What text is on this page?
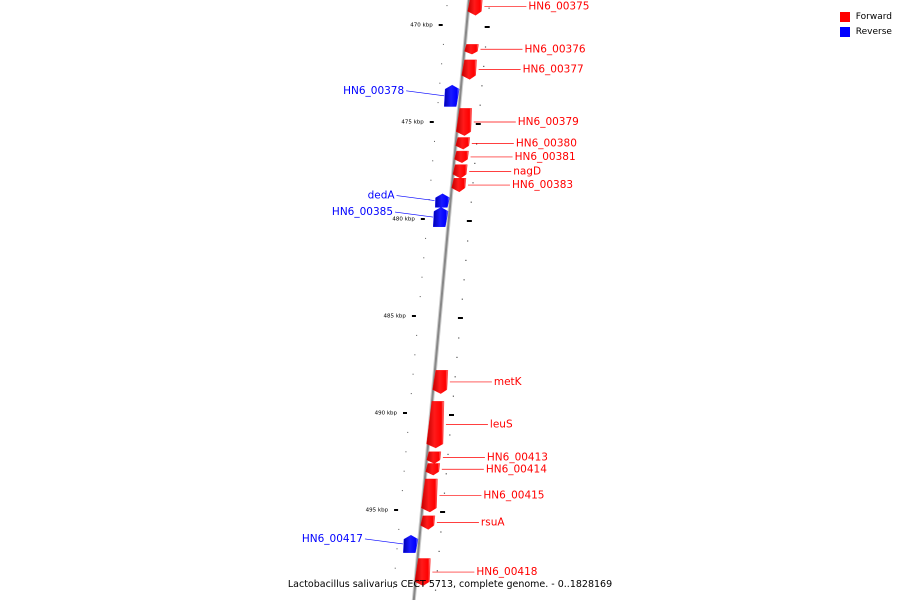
470 kbp
475 kbp
480 kbp
485 kbp
490 kbp
495 kbp
HN6_00375
HN6_00376
HN6_00377
HN6_00378
HN6_00379
HN6_00380
HN6_00381
nagD
HN6_00383
dedA
HN6_00385
metK
leuS
HN6_00413
HN6_00414
HN6_00415
rsuA
HN6_00417
HN6_00418
Forward
Reverse
Lactobacillus salivarius CECT 5713, complete genome. - 0..1828169
